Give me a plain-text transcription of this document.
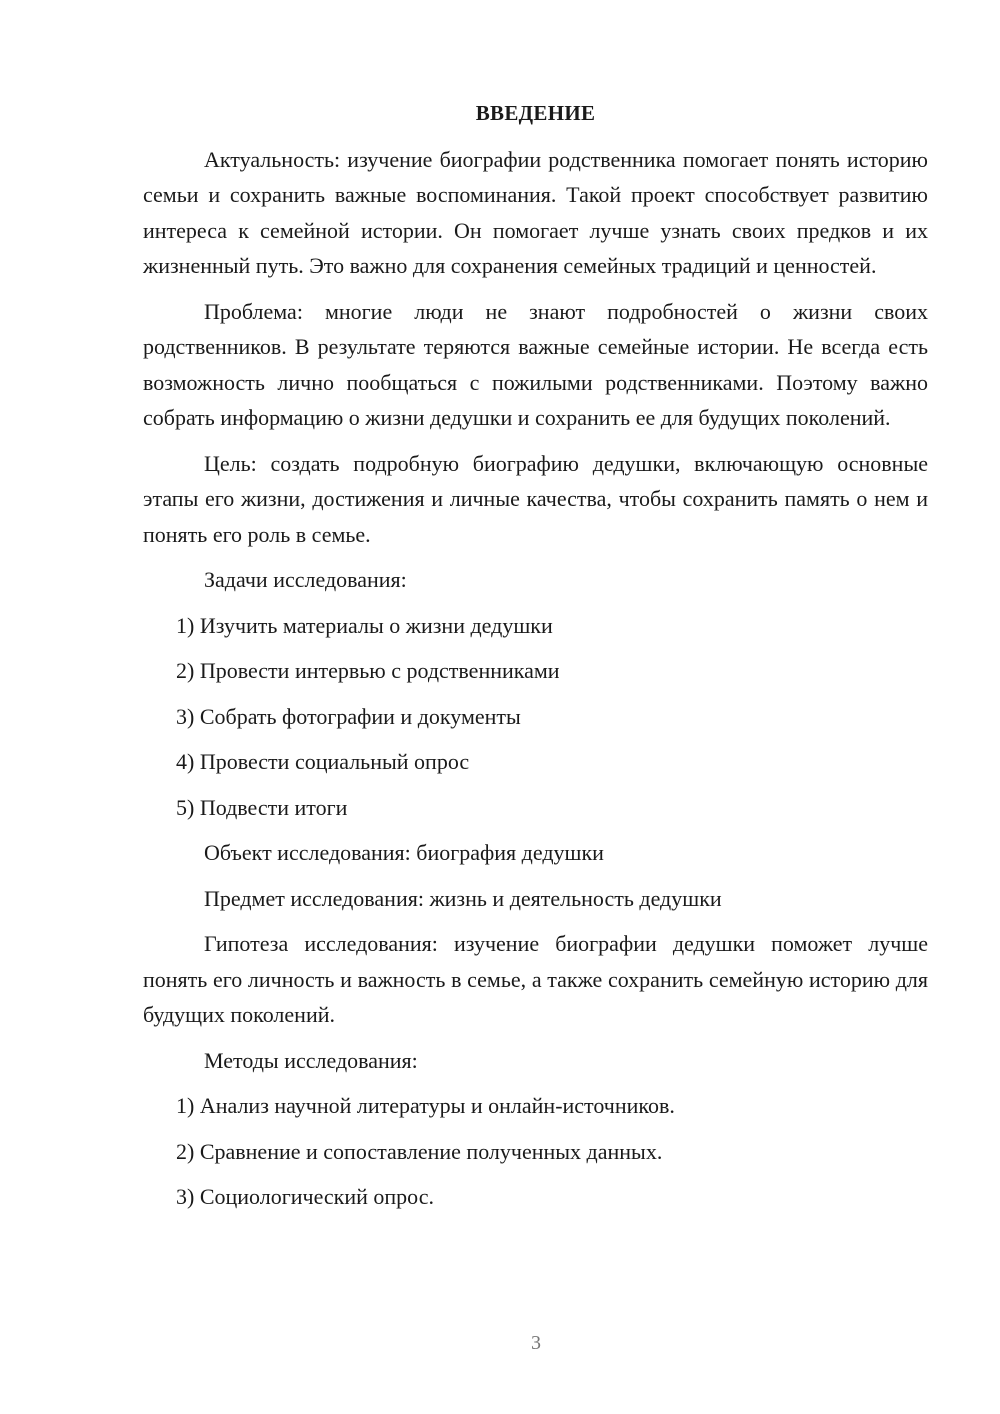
ВВЕДЕНИЕ
Актуальность: изучение биографии родственника помогает понять историю семьи и сохранить важные воспоминания. Такой проект способствует развитию интереса к семейной истории. Он помогает лучше узнать своих предков и их жизненный путь. Это важно для сохранения семейных традиций и ценностей.
Проблема: многие люди не знают подробностей о жизни своих родственников. В результате теряются важные семейные истории. Не всегда есть возможность лично пообщаться с пожилыми родственниками. Поэтому важно собрать информацию о жизни дедушки и сохранить ее для будущих поколений.
Цель: создать подробную биографию дедушки, включающую основные этапы его жизни, достижения и личные качества, чтобы сохранить память о нем и понять его роль в семье.
Задачи исследования:
1) Изучить материалы о жизни дедушки
2) Провести интервью с родственниками
3) Собрать фотографии и документы
4) Провести социальный опрос
5) Подвести итоги
Объект исследования: биография дедушки
Предмет исследования: жизнь и деятельность дедушки
Гипотеза исследования: изучение биографии дедушки поможет лучше понять его личность и важность в семье, а также сохранить семейную историю для будущих поколений.
Методы исследования:
1) Анализ научной литературы и онлайн-источников.
2) Сравнение и сопоставление полученных данных.
3) Социологический опрос.
3
